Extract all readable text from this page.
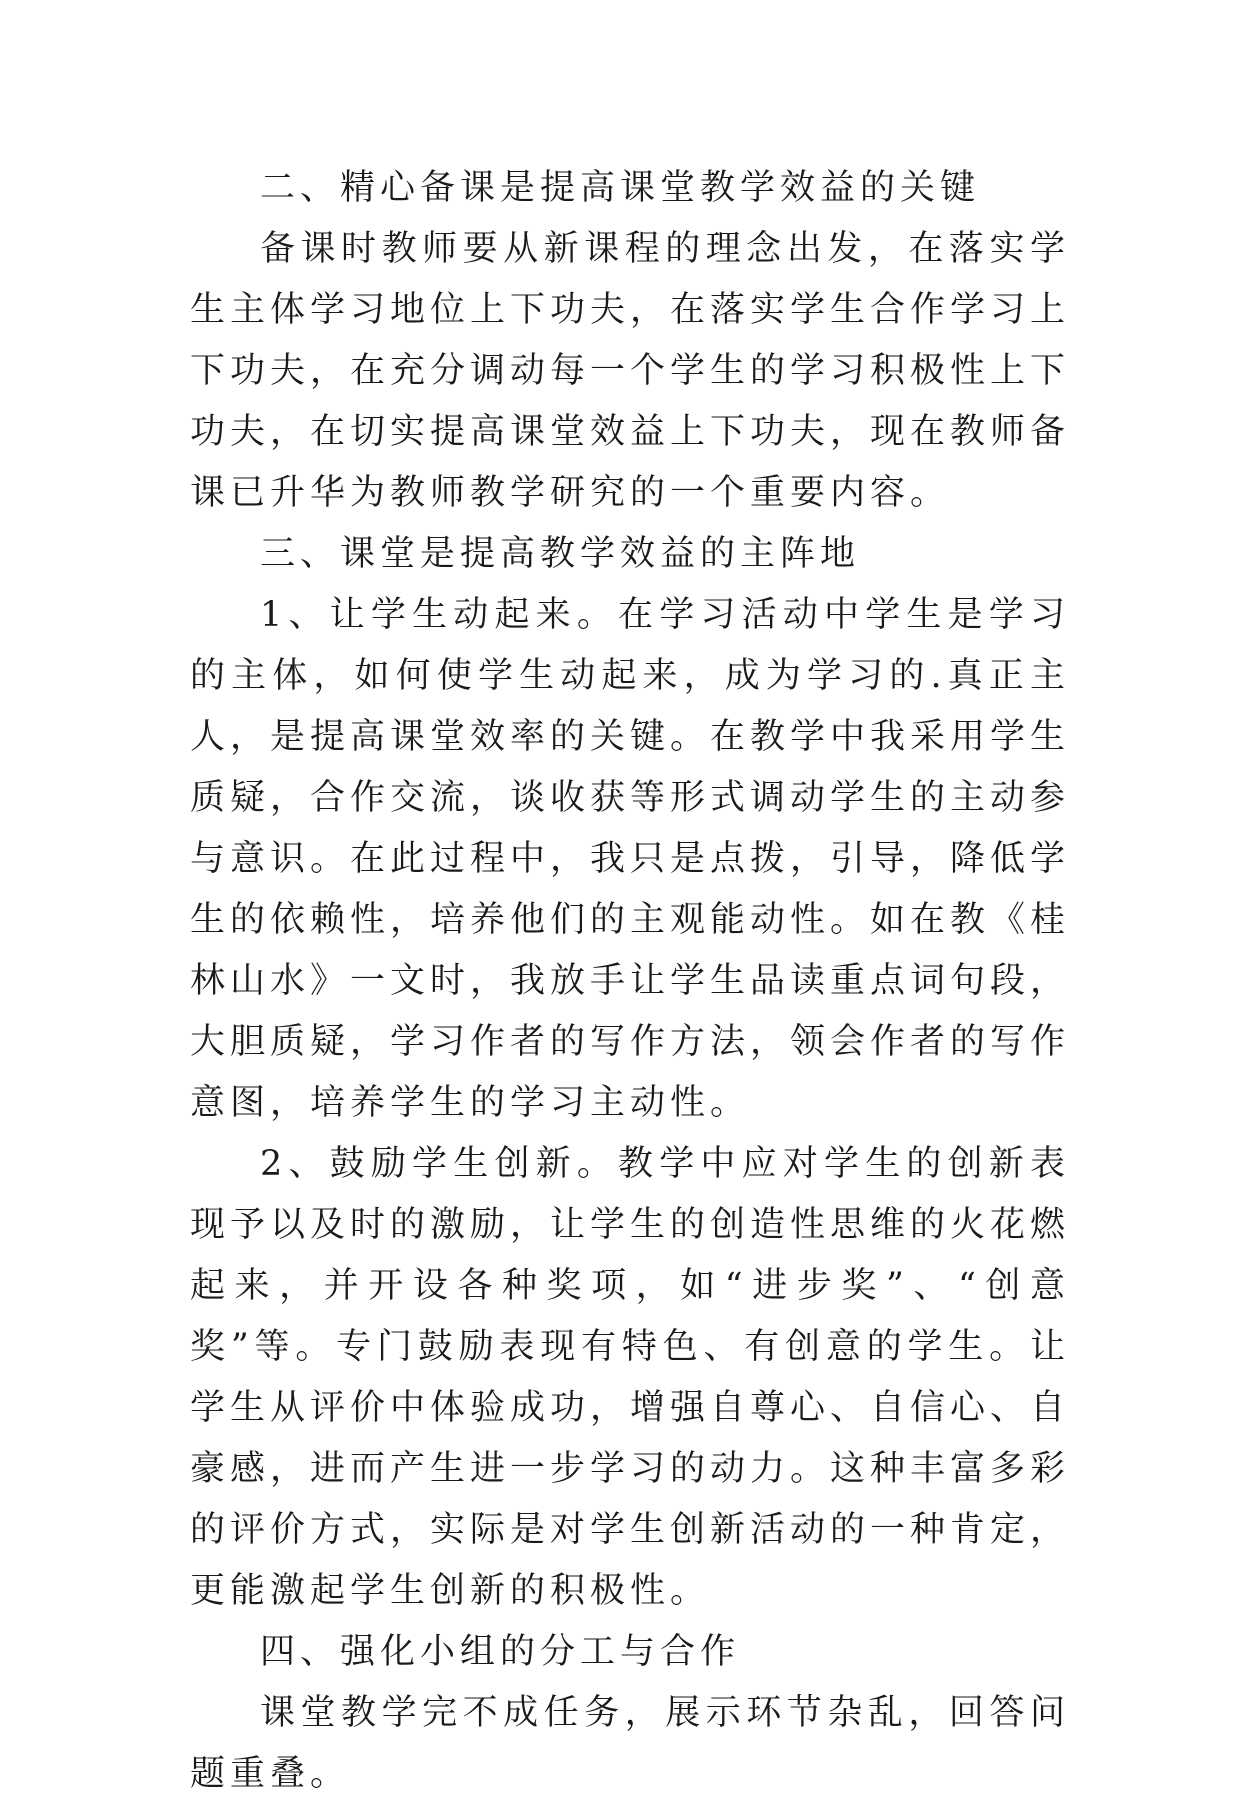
二、精心备课是提高课堂教学效益的关键

备课时教师要从新课程的理念出发，在落实学生主体学习地位上下功夫，在落实学生合作学习上下功夫，在充分调动每一个学生的学习积极性上下功夫，在切实提高课堂效益上下功夫，现在教师备课已升华为教师教学研究的一个重要内容。

三、课堂是提高教学效益的主阵地

1、让学生动起来。在学习活动中学生是学习的主体，如何使学生动起来，成为学习的.真正主人，是提高课堂效率的关键。在教学中我采用学生质疑，合作交流，谈收获等形式调动学生的主动参与意识。在此过程中，我只是点拨，引导，降低学生的依赖性，培养他们的主观能动性。如在教《桂林山水》一文时，我放手让学生品读重点词句段，大胆质疑，学习作者的写作方法，领会作者的写作意图，培养学生的学习主动性。

2、鼓励学生创新。教学中应对学生的创新表现予以及时的激励，让学生的创造性思维的火花燃起来，并开设各种奖项，如“进步奖”、“创意奖”等。专门鼓励表现有特色、有创意的学生。让学生从评价中体验成功，增强自尊心、自信心、自豪感，进而产生进一步学习的动力。这种丰富多彩的评价方式，实际是对学生创新活动的一种肯定，更能激起学生创新的积极性。

四、强化小组的分工与合作

课堂教学完不成任务，展示环节杂乱，回答问题重叠。
